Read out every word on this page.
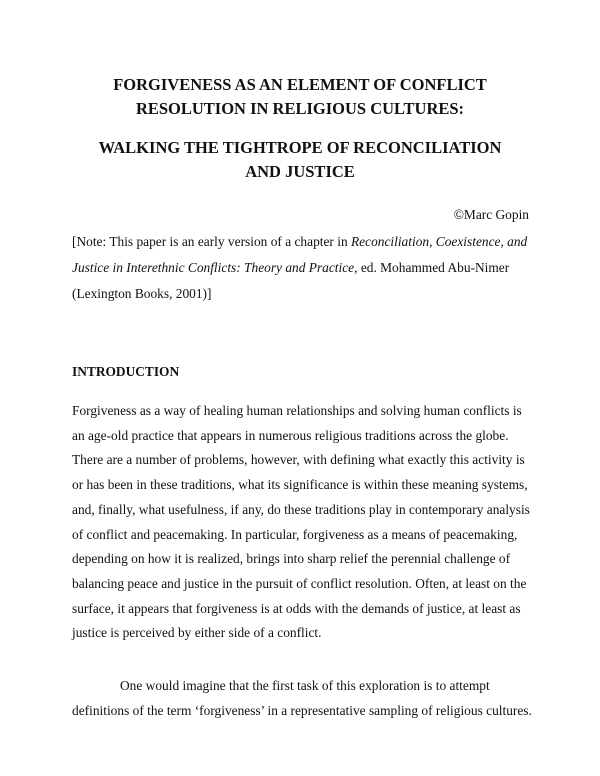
FORGIVENESS AS AN ELEMENT OF CONFLICT
RESOLUTION IN RELIGIOUS CULTURES:
WALKING THE TIGHTROPE OF RECONCILIATION
AND JUSTICE
©Marc Gopin
[Note: This paper is an early version of a chapter in Reconciliation, Coexistence, and
Justice in Interethnic Conflicts: Theory and Practice, ed. Mohammed Abu-Nimer
(Lexington Books, 2001)]
INTRODUCTION
Forgiveness as a way of healing human relationships and solving human conflicts is
an age-old practice that appears in numerous religious traditions across the globe.
There are a number of problems, however, with defining what exactly this activity is
or has been in these traditions, what its significance is within these meaning systems,
and, finally, what usefulness, if any, do these traditions play in contemporary analysis
of conflict and peacemaking. In particular, forgiveness as a means of peacemaking,
depending on how it is realized, brings into sharp relief the perennial challenge of
balancing peace and justice in the pursuit of conflict resolution. Often, at least on the
surface, it appears that forgiveness is at odds with the demands of justice, at least as
justice is perceived by either side of a conflict.
One would imagine that the first task of this exploration is to attempt
definitions of the term ‘forgiveness’ in a representative sampling of religious cultures.
